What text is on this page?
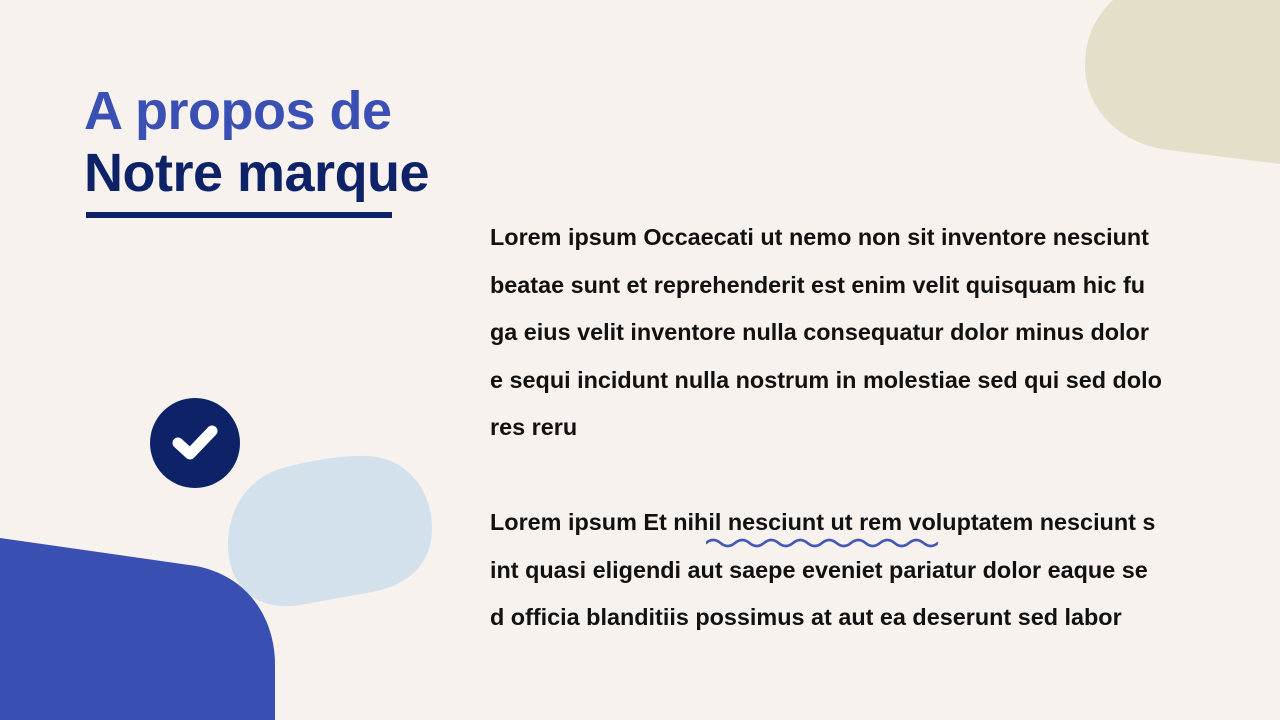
A propos de
Notre marque

Lorem ipsum Occaecati ut nemo non sit inventore nesciunt
beatae sunt et reprehenderit est enim velit quisquam hic fu
ga eius velit inventore nulla consequatur dolor minus dolor
e sequi incidunt nulla nostrum in molestiae sed qui sed dolo
res reru

Lorem ipsum Et nihil nesciunt ut rem voluptatem nesciunt s
int quasi eligendi aut saepe eveniet pariatur dolor eaque se
d officia blanditiis possimus at aut ea deserunt sed labor
